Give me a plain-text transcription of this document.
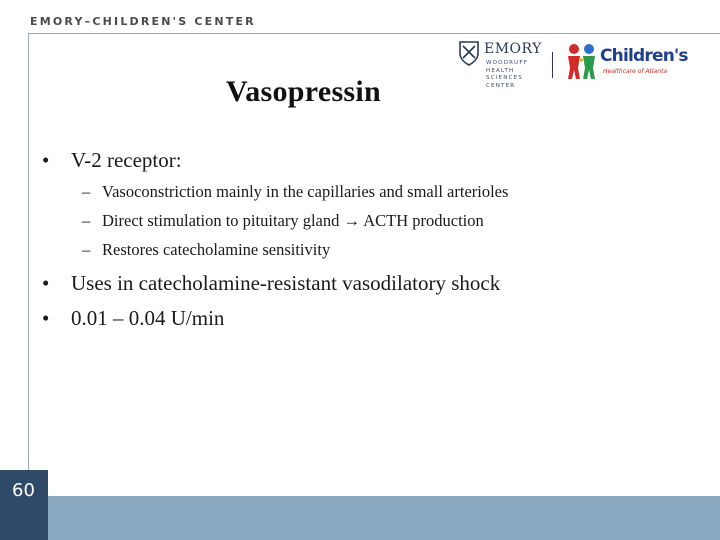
EMORY–CHILDREN'S CENTER
EMORY
WOODRUFF
HEALTH
SCIENCES
CENTER
Children's
Healthcare of Atlanta
Vasopressin
• V-2 receptor:
– Vasoconstriction mainly in the capillaries and small arterioles
– Direct stimulation to pituitary gland → ACTH production
– Restores catecholamine sensitivity
• Uses in catecholamine-resistant vasodilatory shock
• 0.01 – 0.04 U/min
60
